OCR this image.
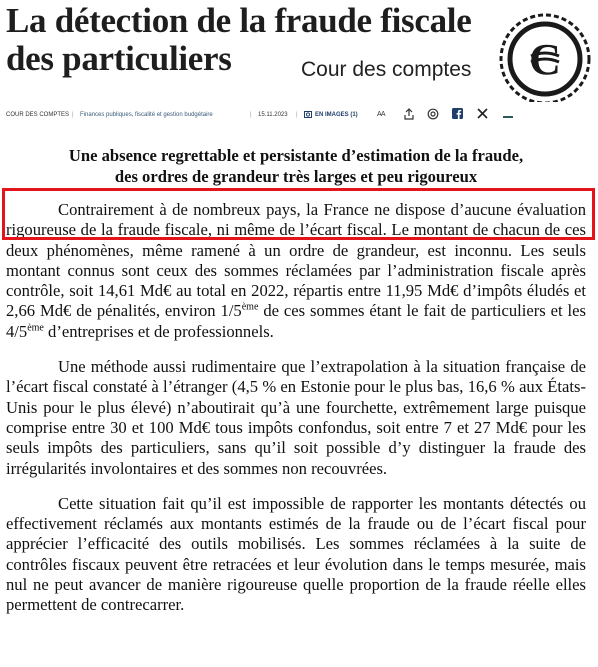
La détection de la fraude fiscale des particuliers	Cour des comptes C
COUR DES COMPTES | Finances publiques, fiscalité et gestion budgétaire	| 15.11.2023 |	EN IMAGES (1)	A A
Une absence regrettable et persistante d’estimation de la fraude,
des ordres de grandeur très larges et peu rigoureux

Contrairement à de nombreux pays, la France ne dispose d’aucune évaluation rigoureuse de la fraude fiscale, ni même de l’écart fiscal. Le montant de chacun de ces deux phénomènes, même ramené à un ordre de grandeur, est inconnu. Les seuls montant connus sont ceux des sommes réclamées par l’administration fiscale après contrôle, soit 14,61 Md€ au total en 2022, répartis entre 11,95 Md€ d’impôts éludés et 2,66 Md€ de pénalités, environ 1/5ème de ces sommes étant le fait de particuliers et les 4/5ème d’entreprises et de professionnels.

Une méthode aussi rudimentaire que l’extrapolation à la situation française de l’écart fiscal constaté à l’étranger (4,5 % en Estonie pour le plus bas, 16,6 % aux États-Unis pour le plus élevé) n’aboutirait qu’à une fourchette, extrêmement large puisque comprise entre 30 et 100 Md€ tous impôts confondus, soit entre 7 et 27 Md€ pour les seuls impôts des particuliers, sans qu’il soit possible d’y distinguer la fraude des irrégularités involontaires et des sommes non recouvrées.

Cette situation fait qu’il est impossible de rapporter les montants détectés ou effectivement réclamés aux montants estimés de la fraude ou de l’écart fiscal pour apprécier l’efficacité des outils mobilisés. Les sommes réclamées à la suite de contrôles fiscaux peuvent être retracées et leur évolution dans le temps mesurée, mais nul ne peut avancer de manière rigoureuse quelle proportion de la fraude réelle elles permettent de contrecarrer.
